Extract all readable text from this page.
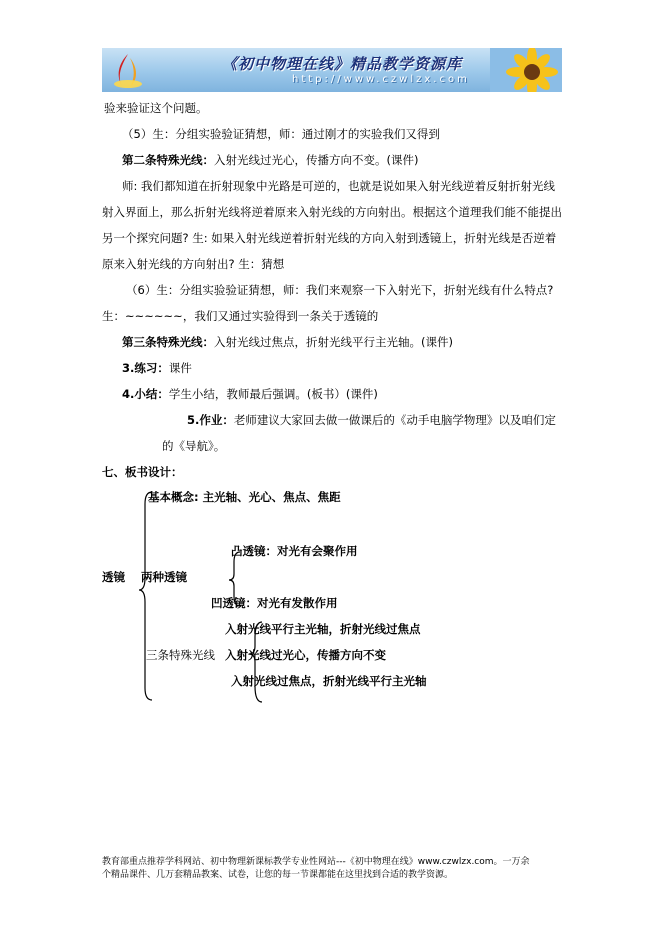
《初中物理在线》精品教学资源库
http://www.czwlzx.com
验来验证这个问题。
（5）生：分组实验验证猜想，师：通过刚才的实验我们又得到
第二条特殊光线：入射光线过光心，传播方向不变。(课件)
师: 我们都知道在折射现象中光路是可逆的，也就是说如果入射光线逆着反射折射光线
射入界面上，那么折射光线将逆着原来入射光线的方向射出。根据这个道理我们能不能提出
另一个探究问题? 生: 如果入射光线逆着折射光线的方向入射到透镜上，折射光线是否逆着
原来入射光线的方向射出? 生：猜想
（6）生：分组实验验证猜想，师：我们来观察一下入射光下，折射光线有什么特点?
生：~~~~~~，我们又通过实验得到一条关于透镜的
第三条特殊光线：入射光线过焦点，折射光线平行主光轴。(课件)
3.练习：课件
4.小结：学生小结，教师最后强调。(板书）(课件)
5.作业：老师建议大家回去做一做课后的《动手电脑学物理》以及咱们定
的《导航》。
七、板书设计：
基本概念: 主光轴、光心、焦点、焦距
凸透镜：对光有会聚作用
透镜 两种透镜
凹透镜：对光有发散作用
入射光线平行主光轴，折射光线过焦点
三条特殊光线 入射光线过光心，传播方向不变
入射光线过焦点，折射光线平行主光轴
教育部重点推荐学科网站、初中物理新课标教学专业性网站---《初中物理在线》www.czwlzx.com。一万余
个精品课件、几万套精品教案、试卷，让您的每一节课都能在这里找到合适的教学资源。
